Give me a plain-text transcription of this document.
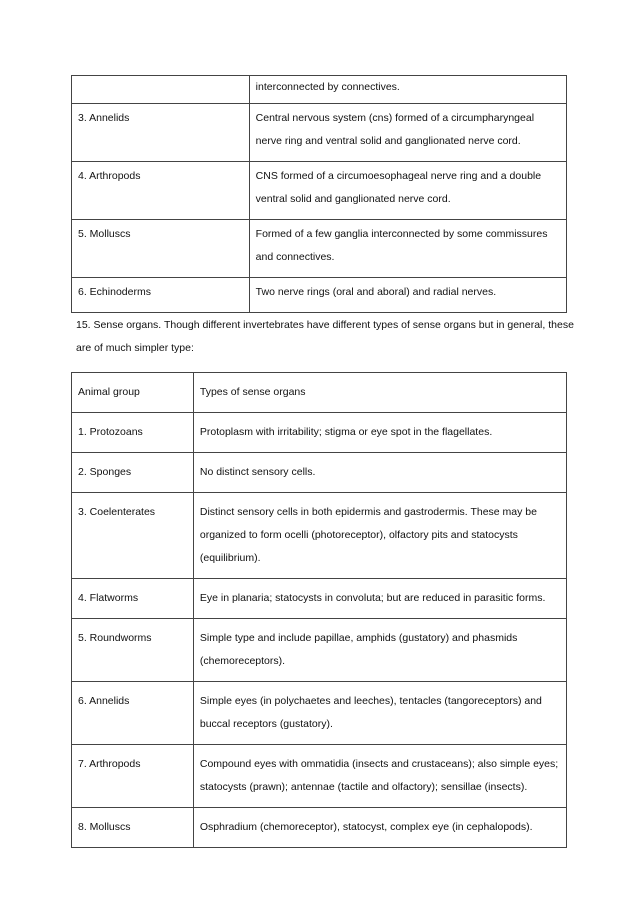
	interconnected by connectives.
3. Annelids	Central nervous system (cns) formed of a circumpharyngeal nerve ring and ventral solid and ganglionated nerve cord.
4. Arthropods	CNS formed of a circumoesophageal nerve ring and a double ventral solid and ganglionated nerve cord.
5. Molluscs	Formed of a few ganglia interconnected by some commissures and connectives.
6. Echinoderms	Two nerve rings (oral and aboral) and radial nerves.

15. Sense organs. Though different invertebrates have different types of sense organs but in general, these are of much simpler type:

Animal group	Types of sense organs
1. Protozoans	Protoplasm with irritability; stigma or eye spot in the flagellates.
2. Sponges	No distinct sensory cells.
3. Coelenterates	Distinct sensory cells in both epidermis and gastrodermis. These may be organized to form ocelli (photoreceptor), olfactory pits and statocysts (equilibrium).
4. Flatworms	Eye in planaria; statocysts in convoluta; but are reduced in parasitic forms.
5. Roundworms	Simple type and include papillae, amphids (gustatory) and phasmids (chemoreceptors).
6. Annelids	Simple eyes (in polychaetes and leeches), tentacles (tangoreceptors) and buccal receptors (gustatory).
7. Arthropods	Compound eyes with ommatidia (insects and crustaceans); also simple eyes; statocysts (prawn); antennae (tactile and olfactory); sensillae (insects).
8. Molluscs	Osphradium (chemoreceptor), statocyst, complex eye (in cephalopods).
